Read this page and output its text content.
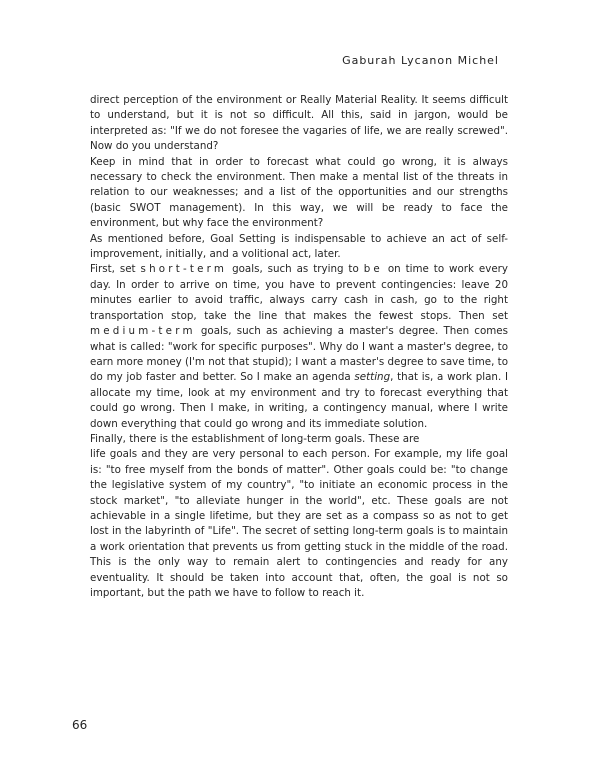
Gaburah Lycanon Michel

direct perception of the environment or Really Material Reality. It seems difficult to understand, but it is not so difficult. All this, said in jargon, would be interpreted as: "If we do not foresee the vagaries of life, we are really screwed". Now do you understand?

Keep in mind that in order to forecast what could go wrong, it is always necessary to check the environment. Then make a mental list of the threats in relation to our weaknesses; and a list of the opportunities and our strengths (basic SWOT management). In this way, we will be ready to face the environment, but why face the environment?

As mentioned before, Goal Setting is indispensable to achieve an act of self-improvement, initially, and a volitional act, later.

First, set short-term goals, such as trying to be on time to work every day. In order to arrive on time, you have to prevent contingencies: leave 20 minutes earlier to avoid traffic, always carry cash in cash, go to the right transportation stop, take the line that makes the fewest stops. Then set medium-term goals, such as achieving a master's degree. Then comes what is called: "work for specific purposes". Why do I want a master's degree, to earn more money (I'm not that stupid); I want a master's degree to save time, to do my job faster and better. So I make an agenda setting, that is, a work plan. I allocate my time, look at my environment and try to forecast everything that could go wrong. Then I make, in writing, a contingency manual, where I write down everything that could go wrong and its immediate solution.

Finally, there is the establishment of long-term goals. These are

life goals and they are very personal to each person. For example, my life goal is: "to free myself from the bonds of matter". Other goals could be: "to change the legislative system of my country", "to initiate an economic process in the stock market", "to alleviate hunger in the world", etc. These goals are not achievable in a single lifetime, but they are set as a compass so as not to get lost in the labyrinth of "Life". The secret of setting long-term goals is to maintain a work orientation that prevents us from getting stuck in the middle of the road. This is the only way to remain alert to contingencies and ready for any eventuality. It should be taken into account that, often, the goal is not so important, but the path we have to follow to reach it.

66
